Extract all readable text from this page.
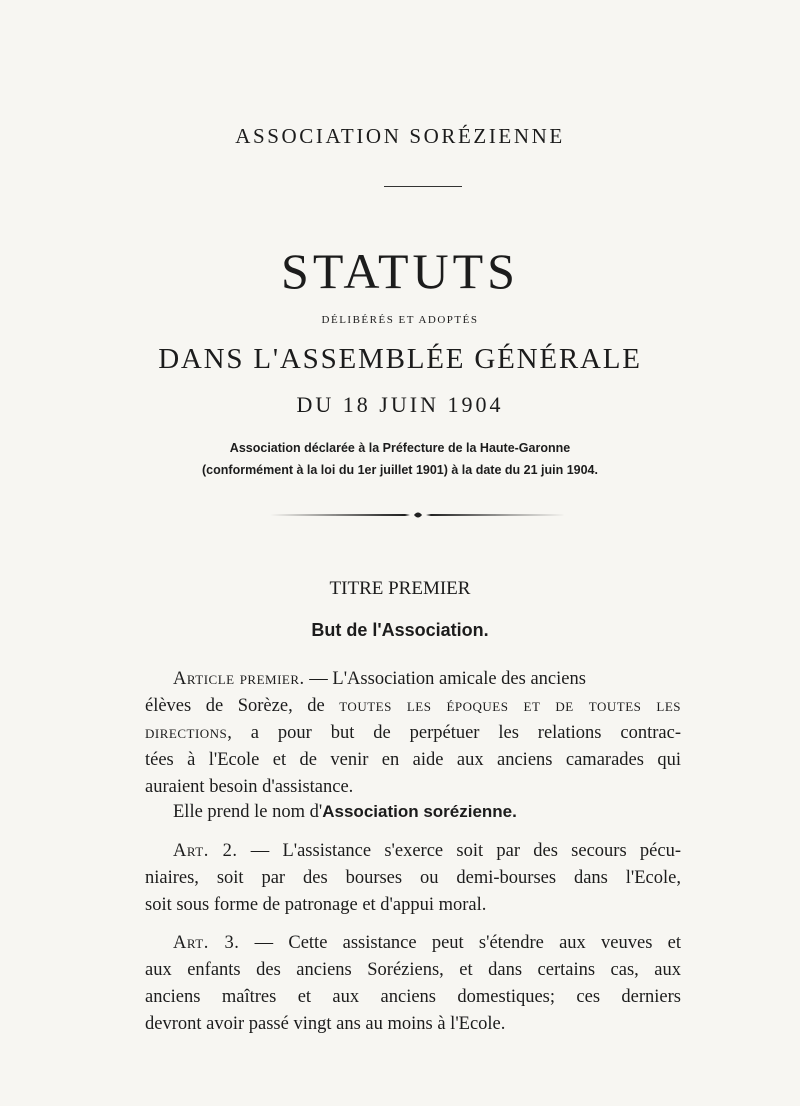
ASSOCIATION SORÉZIENNE
STATUTS
DÉLIBÉRÉS ET ADOPTÉS
DANS L'ASSEMBLÉE GÉNÉRALE
DU 18 JUIN 1904
Association déclarée à la Préfecture de la Haute-Garonne
(conformément à la loi du 1er juillet 1901) à la date du 21 juin 1904.
TITRE PREMIER
But de l'Association.
Article premier. — L'Association amicale des anciens
élèves de Sorèze, de toutes les époques et de toutes les
directions, a pour but de perpétuer les relations contrac-
tées à l'Ecole et de venir en aide aux anciens camarades qui
auraient besoin d'assistance.
Elle prend le nom d'Association sorézienne.
Art. 2. — L'assistance s'exerce soit par des secours pécu-
niaires, soit par des bourses ou demi-bourses dans l'Ecole,
soit sous forme de patronage et d'appui moral.
Art. 3. — Cette assistance peut s'étendre aux veuves et
aux enfants des anciens Soréziens, et dans certains cas, aux
anciens maîtres et aux anciens domestiques; ces derniers
devront avoir passé vingt ans au moins à l'Ecole.
